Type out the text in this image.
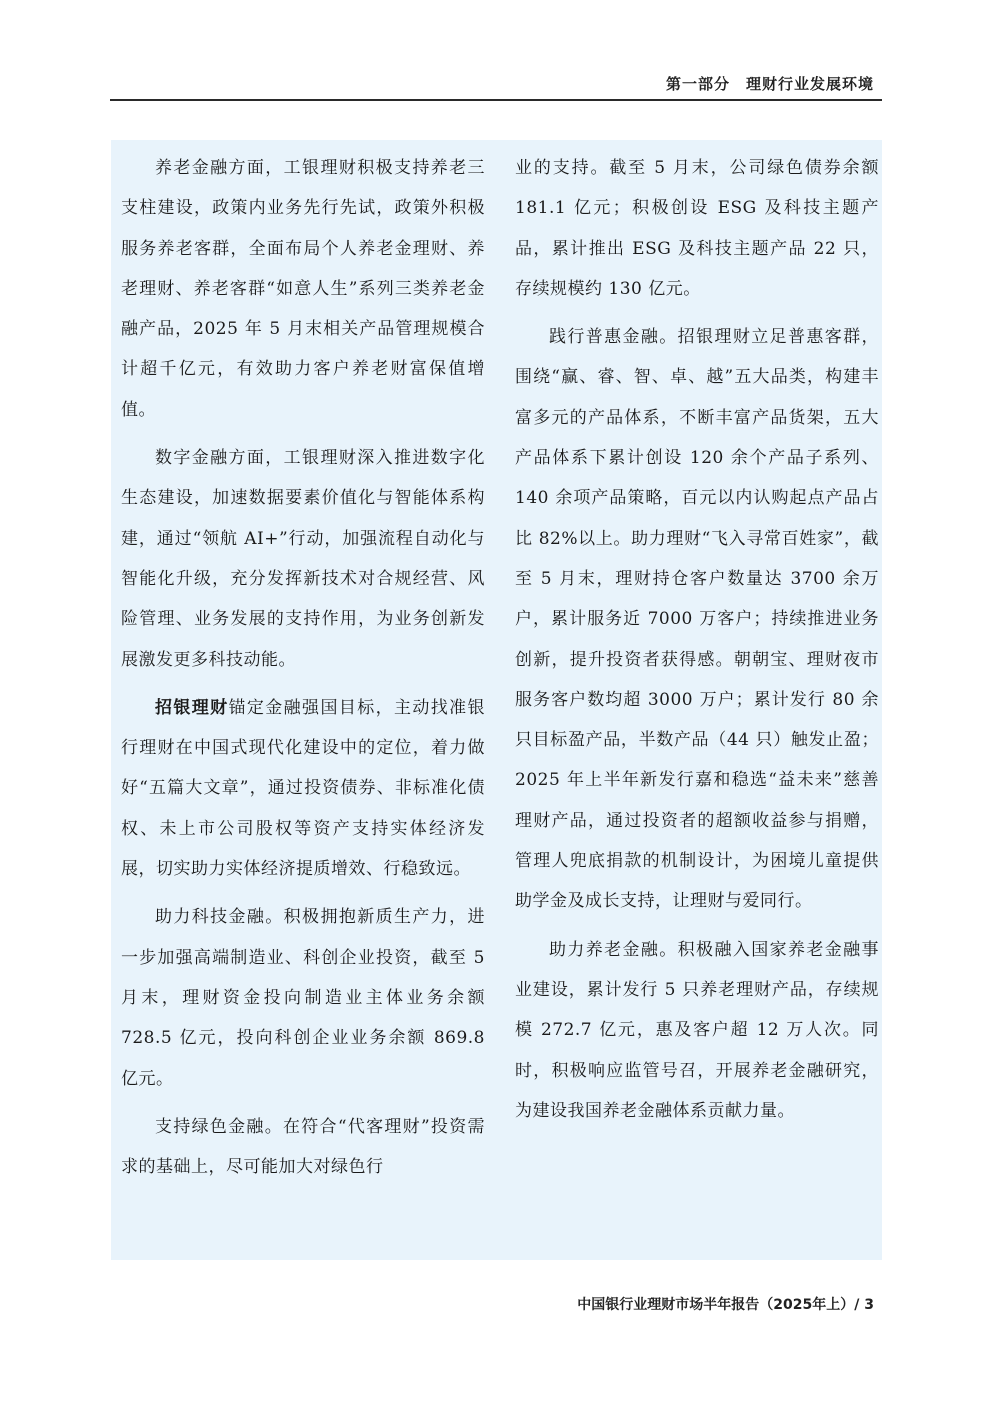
第一部分 理财行业发展环境

养老金融方面，工银理财积极支持养老三支柱建设，政策内业务先行先试，政策外积极服务养老客群，全面布局个人养老金理财、养老理财、养老客群“如意人生”系列三类养老金融产品，2025 年 5 月末相关产品管理规模合计超千亿元，有效助力客户养老财富保值增值。

数字金融方面，工银理财深入推进数字化生态建设，加速数据要素价值化与智能体系构建，通过“领航 AI+”行动，加强流程自动化与智能化升级，充分发挥新技术对合规经营、风险管理、业务发展的支持作用，为业务创新发展激发更多科技动能。

招银理财锚定金融强国目标，主动找准银行理财在中国式现代化建设中的定位，着力做好“五篇大文章”，通过投资债券、非标准化债权、未上市公司股权等资产支持实体经济发展，切实助力实体经济提质增效、行稳致远。

助力科技金融。积极拥抱新质生产力，进一步加强高端制造业、科创企业投资，截至 5 月末，理财资金投向制造业主体业务余额 728.5 亿元，投向科创企业业务余额 869.8 亿元。

支持绿色金融。在符合“代客理财”投资需求的基础上，尽可能加大对绿色行

业的支持。截至 5 月末，公司绿色债券余额 181.1 亿元；积极创设 ESG 及科技主题产品，累计推出 ESG 及科技主题产品 22 只，存续规模约 130 亿元。

践行普惠金融。招银理财立足普惠客群，围绕“赢、睿、智、卓、越”五大品类，构建丰富多元的产品体系，不断丰富产品货架，五大产品体系下累计创设 120 余个产品子系列、140 余项产品策略，百元以内认购起点产品占比 82%以上。助力理财“飞入寻常百姓家”，截至 5 月末，理财持仓客户数量达 3700 余万户，累计服务近 7000 万客户；持续推进业务创新，提升投资者获得感。朝朝宝、理财夜市服务客户数均超 3000 万户；累计发行 80 余只目标盈产品，半数产品（44 只）触发止盈；2025 年上半年新发行嘉和稳选“益未来”慈善理财产品，通过投资者的超额收益参与捐赠，管理人兜底捐款的机制设计，为困境儿童提供助学金及成长支持，让理财与爱同行。

助力养老金融。积极融入国家养老金融事业建设，累计发行 5 只养老理财产品，存续规模 272.7 亿元，惠及客户超 12 万人次。同时，积极响应监管号召，开展养老金融研究，为建设我国养老金融体系贡献力量。

中国银行业理财市场半年报告（2025年上）/ 3
